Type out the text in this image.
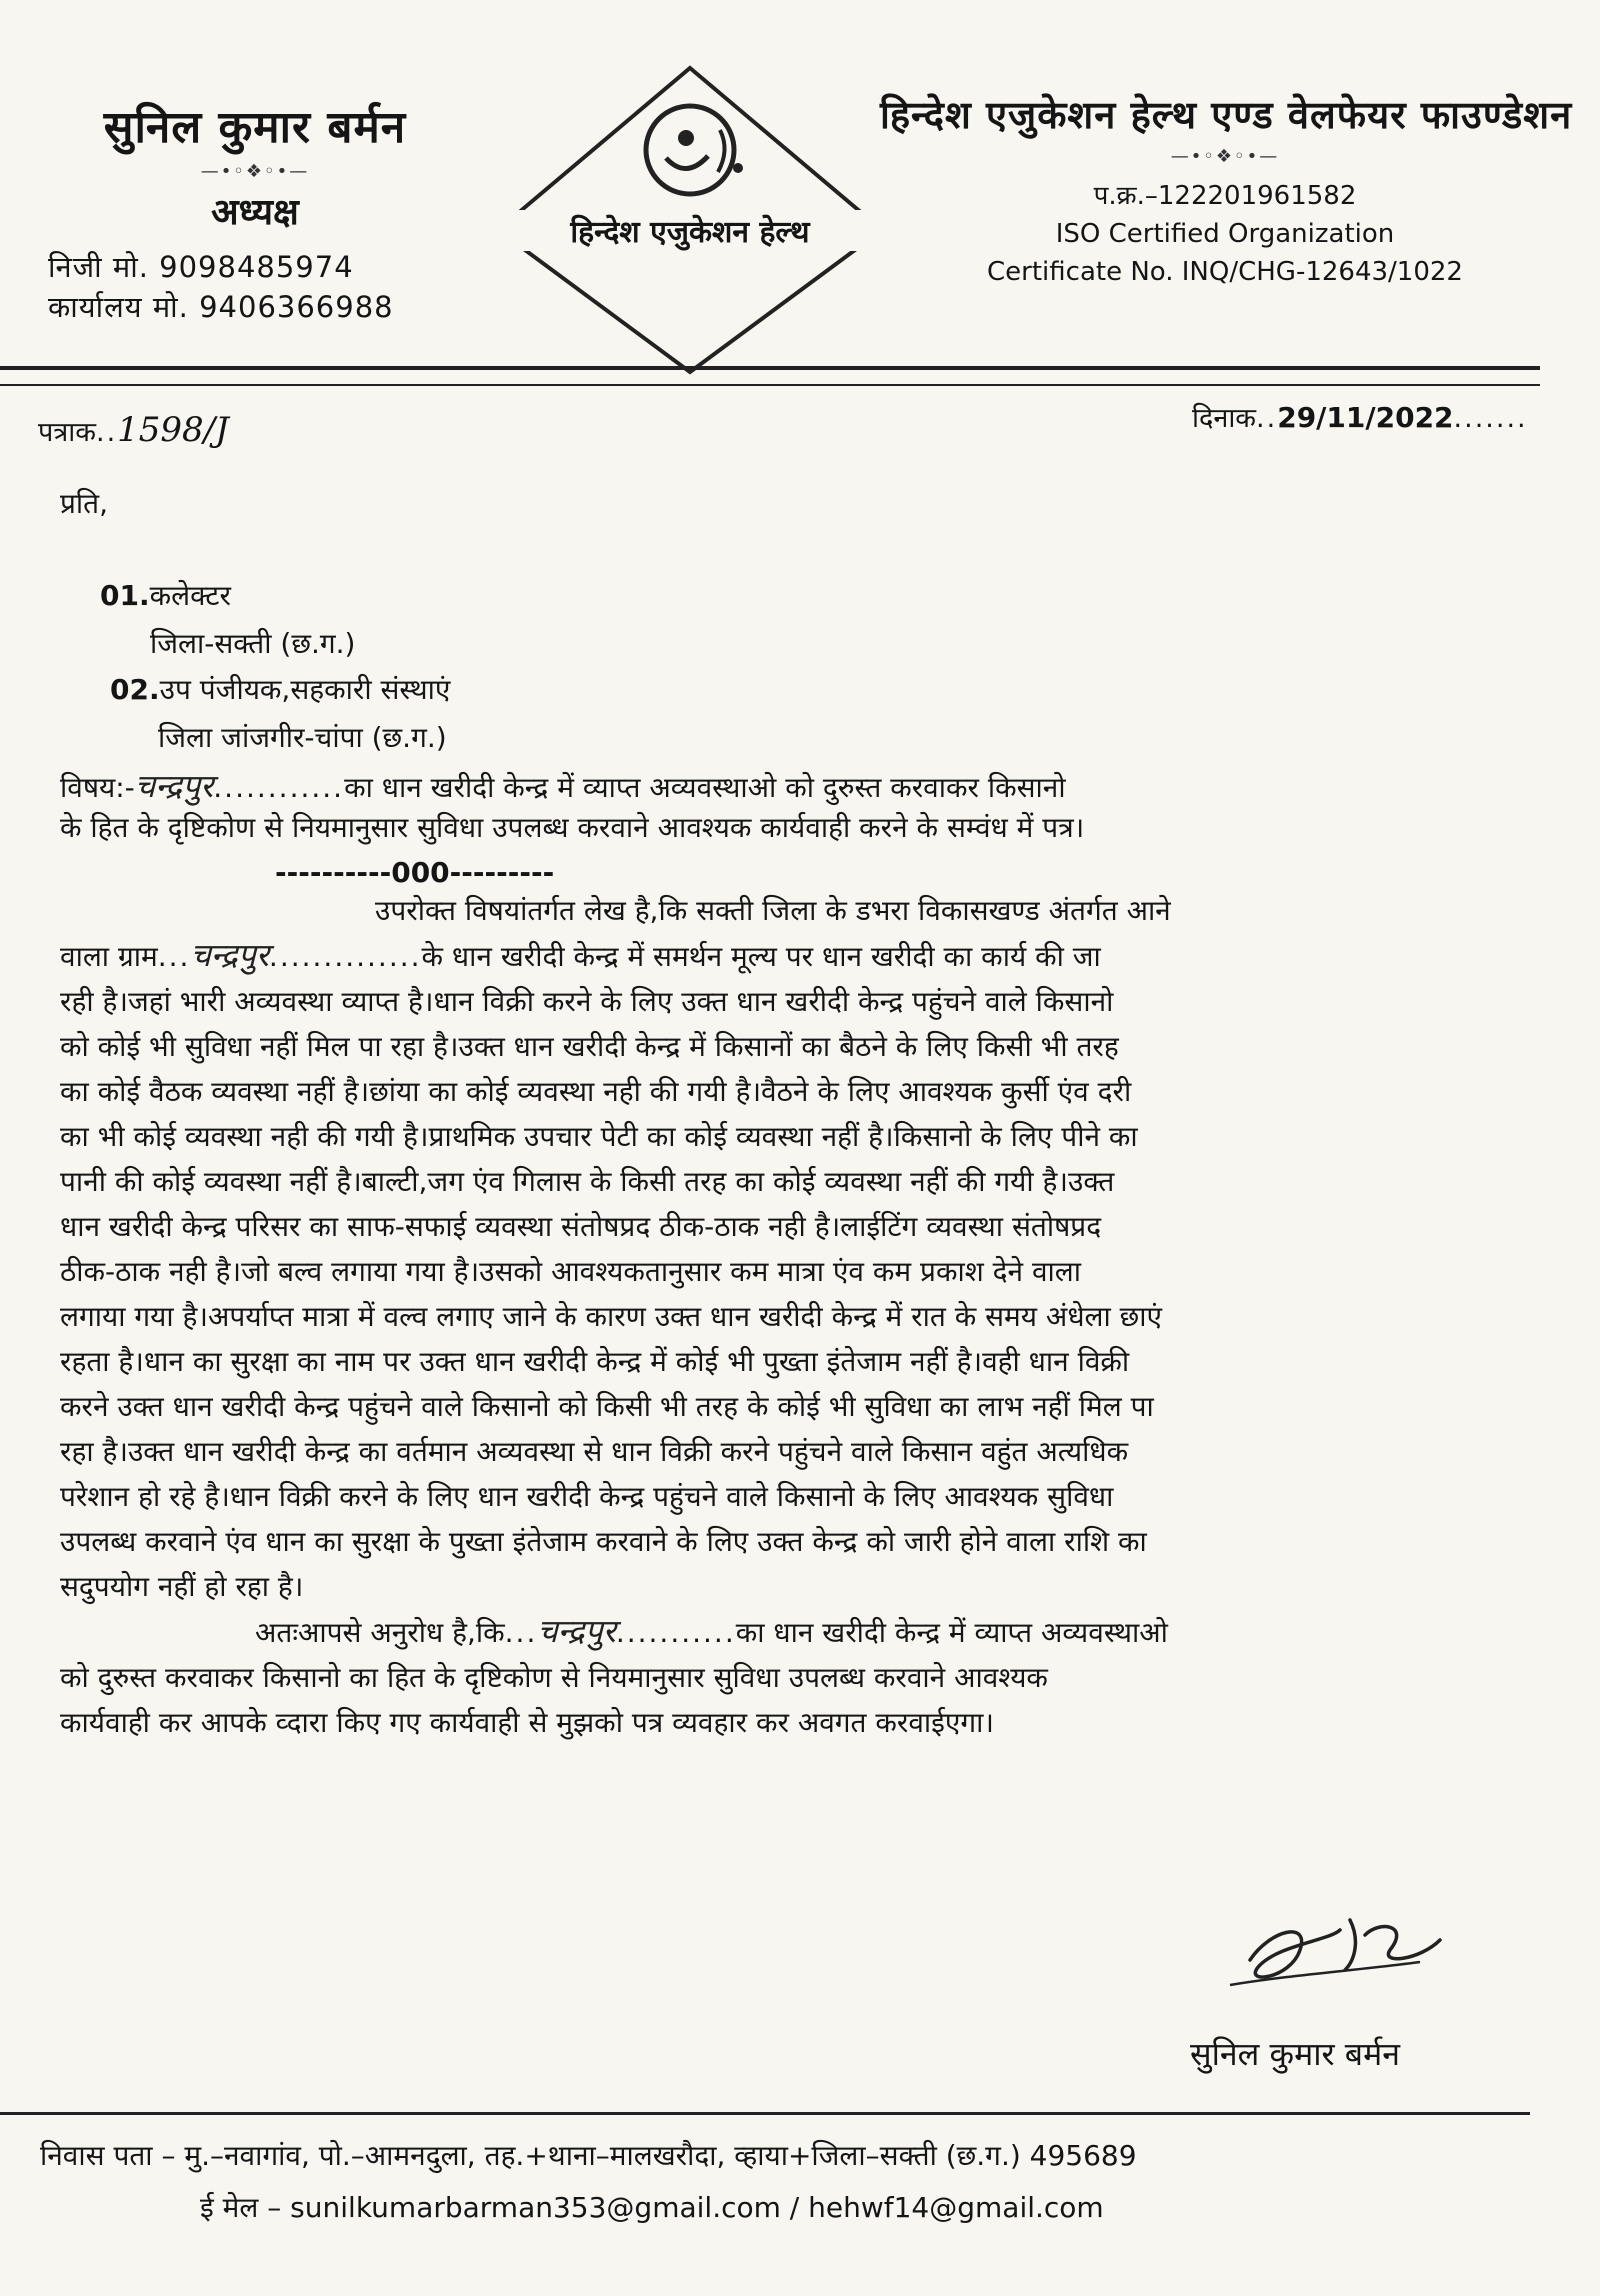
सुनिल कुमार बर्मन
—•◦❖◦•—
अध्यक्ष
निजी मो. 9098485974
कार्यालय मो. 9406366988
हिन्देश एजुकेशन हेल्थ
हिन्देश एजुकेशन हेल्थ एण्ड वेलफेयर फाउण्डेशन
—•◦❖◦•—
प.क्र.–122201961582
ISO Certified Organization
Certificate No. INQ/CHG-12643/1022
पत्राक..1598/J	दिनाक..29/11/2022.......
प्रति,
01.कलेक्टर
जिला-सक्ती (छ.ग.)
02.उप पंजीयक,सहकारी संस्थाएं
जिला जांजगीर-चांपा (छ.ग.)
विषय:-चन्द्रपुर............का धान खरीदी केन्द्र में व्याप्त अव्यवस्थाओ को दुरुस्त करवाकर किसानो
के हित के दृष्टिकोण से नियमानुसार सुविधा उपलब्ध करवाने आवश्यक कार्यवाही करने के सम्वंध में पत्र।
----------000---------
उपरोक्त विषयांतर्गत लेख है,कि सक्ती जिला के डभरा विकासखण्ड अंतर्गत आने
वाला ग्राम...चन्द्रपुर..............के धान खरीदी केन्द्र में समर्थन मूल्य पर धान खरीदी का कार्य की जा
रही है।जहां भारी अव्यवस्था व्याप्त है।धान विक्री करने के लिए उक्त धान खरीदी केन्द्र पहुंचने वाले किसानो
को कोई भी सुविधा नहीं मिल पा रहा है।उक्त धान खरीदी केन्द्र में किसानों का बैठने के लिए किसी भी तरह
का कोई वैठक व्यवस्था नहीं है।छांया का कोई व्यवस्था नही की गयी है।वैठने के लिए आवश्यक कुर्सी एंव दरी
का भी कोई व्यवस्था नही की गयी है।प्राथमिक उपचार पेटी का कोई व्यवस्था नहीं है।किसानो के लिए पीने का
पानी की कोई व्यवस्था नहीं है।बाल्टी,जग एंव गिलास के किसी तरह का कोई व्यवस्था नहीं की गयी है।उक्त
धान खरीदी केन्द्र परिसर का साफ-सफाई व्यवस्था संतोषप्रद ठीक-ठाक नही है।लाईटिंग व्यवस्था संतोषप्रद
ठीक-ठाक नही है।जो बल्व लगाया गया है।उसको आवश्यकतानुसार कम मात्रा एंव कम प्रकाश देने वाला
लगाया गया है।अपर्याप्त मात्रा में वल्व लगाए जाने के कारण उक्त धान खरीदी केन्द्र में रात के समय अंधेला छाएं
रहता है।धान का सुरक्षा का नाम पर उक्त धान खरीदी केन्द्र में कोई भी पुख्ता इंतेजाम नहीं है।वही धान विक्री
करने उक्त धान खरीदी केन्द्र पहुंचने वाले किसानो को किसी भी तरह के कोई भी सुविधा का लाभ नहीं मिल पा
रहा है।उक्त धान खरीदी केन्द्र का वर्तमान अव्यवस्था से धान विक्री करने पहुंचने वाले किसान वहुंत अत्यधिक
परेशान हो रहे है।धान विक्री करने के लिए धान खरीदी केन्द्र पहुंचने वाले किसानो के लिए आवश्यक सुविधा
उपलब्ध करवाने एंव धान का सुरक्षा के पुख्ता इंतेजाम करवाने के लिए उक्त केन्द्र को जारी होने वाला राशि का
सदुपयोग नहीं हो रहा है।
अतःआपसे अनुरोध है,कि...चन्द्रपुर...........का धान खरीदी केन्द्र में व्याप्त अव्यवस्थाओ
को दुरुस्त करवाकर किसानो का हित के दृष्टिकोण से नियमानुसार सुविधा उपलब्ध करवाने आवश्यक
कार्यवाही कर आपके व्दारा किए गए कार्यवाही से मुझको पत्र व्यवहार कर अवगत करवाईएगा।
सुनिल कुमार बर्मन
निवास पता – मु.–नवागांव, पो.–आमनदुला, तह.+थाना–मालखरौदा, व्हाया+जिला–सक्ती (छ.ग.) 495689
ई मेल – sunilkumarbarman353@gmail.com / hehwf14@gmail.com
